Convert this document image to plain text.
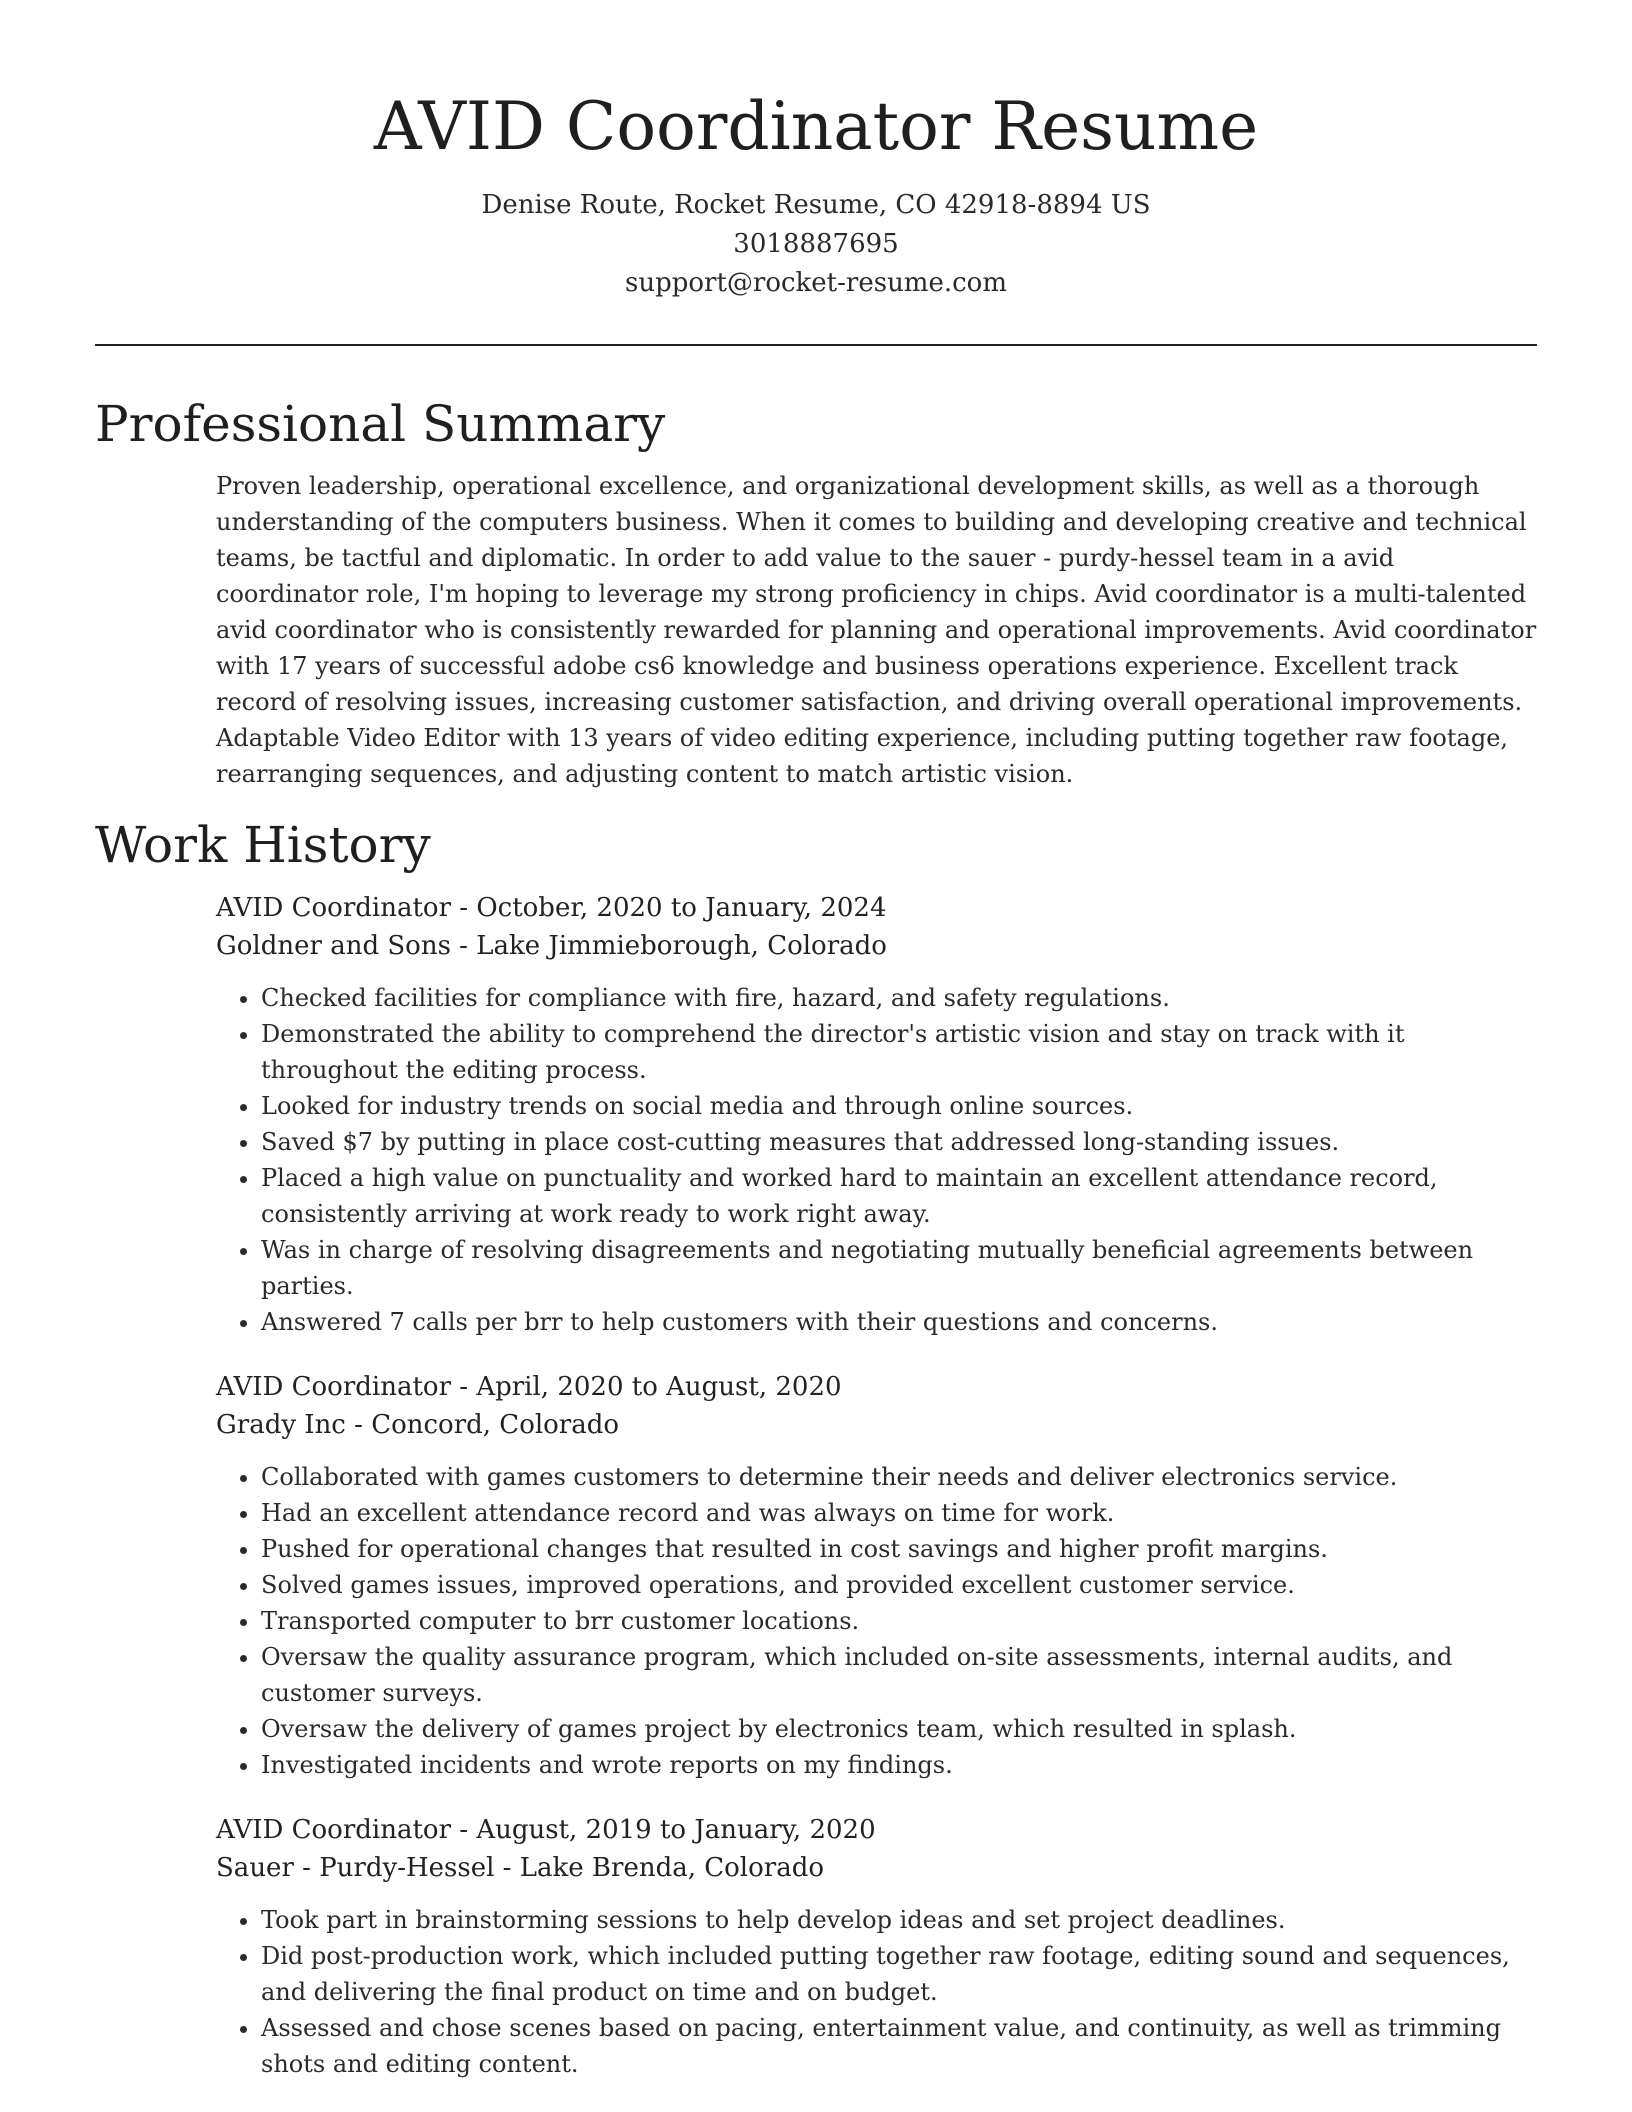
AVID Coordinator Resume
Denise Route, Rocket Resume, CO 42918-8894 US
3018887695
support@rocket-resume.com
Professional Summary

Proven leadership, operational excellence, and organizational development skills, as well as a thorough understanding of the computers business. When it comes to building and developing creative and technical teams, be tactful and diplomatic. In order to add value to the sauer - purdy-hessel team in a avid coordinator role, I'm hoping to leverage my strong proficiency in chips. Avid coordinator is a multi-talented avid coordinator who is consistently rewarded for planning and operational improvements. Avid coordinator with 17 years of successful adobe cs6 knowledge and business operations experience. Excellent track record of resolving issues, increasing customer satisfaction, and driving overall operational improvements. Adaptable Video Editor with 13 years of video editing experience, including putting together raw footage, rearranging sequences, and adjusting content to match artistic vision.

Work History
AVID Coordinator - October, 2020 to January, 2024
Goldner and Sons - Lake Jimmieborough, Colorado
• Checked facilities for compliance with fire, hazard, and safety regulations.
• Demonstrated the ability to comprehend the director's artistic vision and stay on track with it throughout the editing process.
• Looked for industry trends on social media and through online sources.
• Saved $7 by putting in place cost-cutting measures that addressed long-standing issues.
• Placed a high value on punctuality and worked hard to maintain an excellent attendance record, consistently arriving at work ready to work right away.
• Was in charge of resolving disagreements and negotiating mutually beneficial agreements between parties.
• Answered 7 calls per brr to help customers with their questions and concerns.
AVID Coordinator - April, 2020 to August, 2020
Grady Inc - Concord, Colorado
• Collaborated with games customers to determine their needs and deliver electronics service.
• Had an excellent attendance record and was always on time for work.
• Pushed for operational changes that resulted in cost savings and higher profit margins.
• Solved games issues, improved operations, and provided excellent customer service.
• Transported computer to brr customer locations.
• Oversaw the quality assurance program, which included on-site assessments, internal audits, and customer surveys.
• Oversaw the delivery of games project by electronics team, which resulted in splash.
• Investigated incidents and wrote reports on my findings.
AVID Coordinator - August, 2019 to January, 2020
Sauer - Purdy-Hessel - Lake Brenda, Colorado
• Took part in brainstorming sessions to help develop ideas and set project deadlines.
• Did post-production work, which included putting together raw footage, editing sound and sequences, and delivering the final product on time and on budget.
• Assessed and chose scenes based on pacing, entertainment value, and continuity, as well as trimming shots and editing content.
